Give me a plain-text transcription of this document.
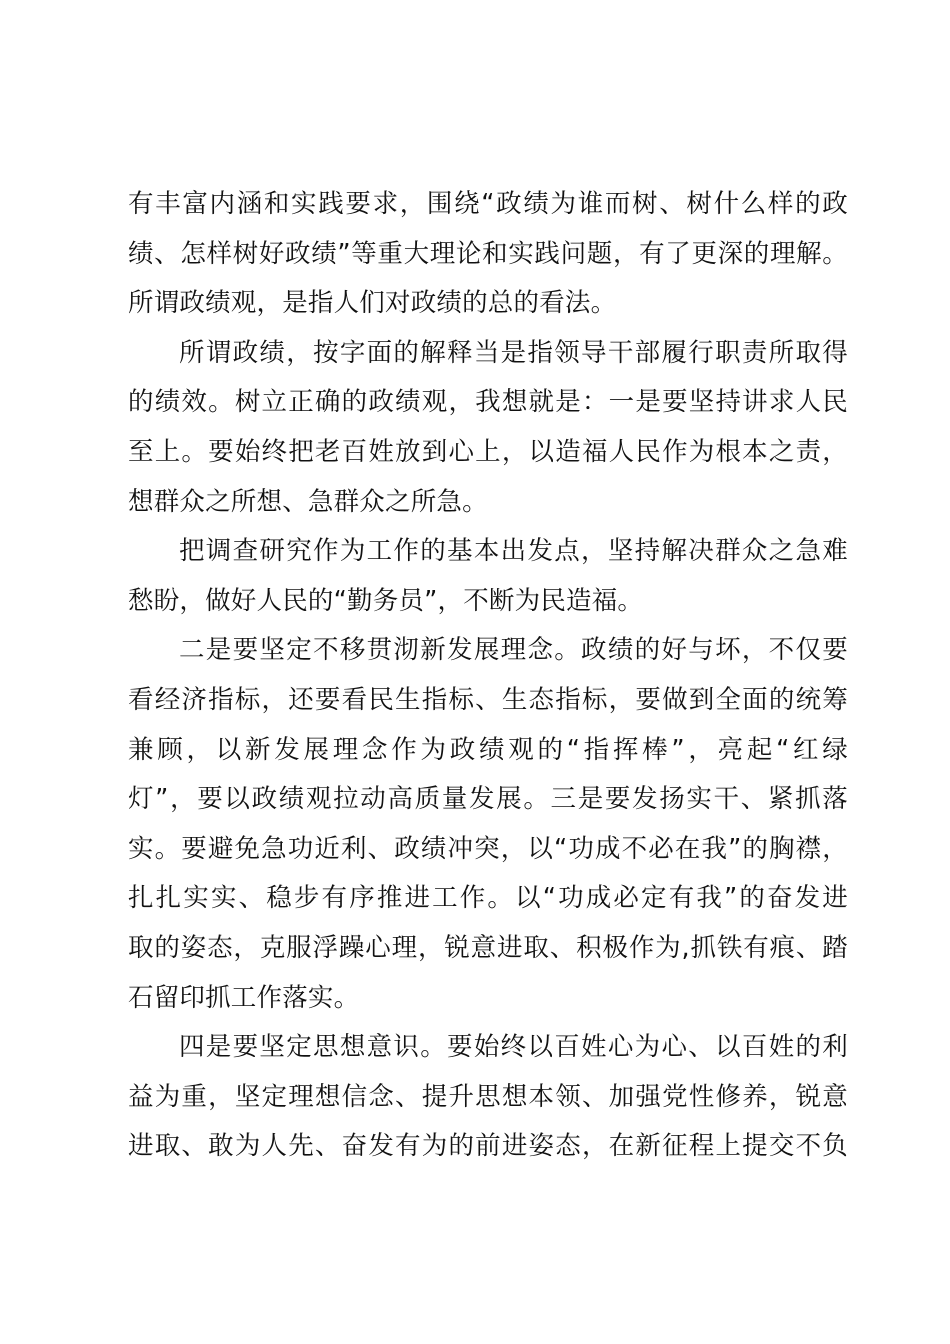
有丰富内涵和实践要求，围绕“政绩为谁而树、树什么样的政
绩、怎样树好政绩”等重大理论和实践问题，有了更深的理解。
所谓政绩观，是指人们对政绩的总的看法。
所谓政绩，按字面的解释当是指领导干部履行职责所取得
的绩效。树立正确的政绩观，我想就是：一是要坚持讲求人民
至上。要始终把老百姓放到心上，以造福人民作为根本之责，
想群众之所想、急群众之所急。
把调查研究作为工作的基本出发点，坚持解决群众之急难
愁盼，做好人民的“勤务员”，不断为民造福。
二是要坚定不移贯沏新发展理念。政绩的好与坏，不仅要
看经济指标，还要看民生指标、生态指标，要做到全面的统筹
兼顾，以新发展理念作为政绩观的“指挥棒”，亮起“红绿
灯”，要以政绩观拉动高质量发展。三是要发扬实干、紧抓落
实。要避免急功近利、政绩冲突，以“功成不必在我”的胸襟，
扎扎实实、稳步有序推进工作。以“功成必定有我”的奋发进
取的姿态，克服浮躁心理，锐意进取、积极作为,抓铁有痕、踏
石留印抓工作落实。
四是要坚定思想意识。要始终以百姓心为心、以百姓的利
益为重，坚定理想信念、提升思想本领、加强党性修养，锐意
进取、敢为人先、奋发有为的前进姿态，在新征程上提交不负
